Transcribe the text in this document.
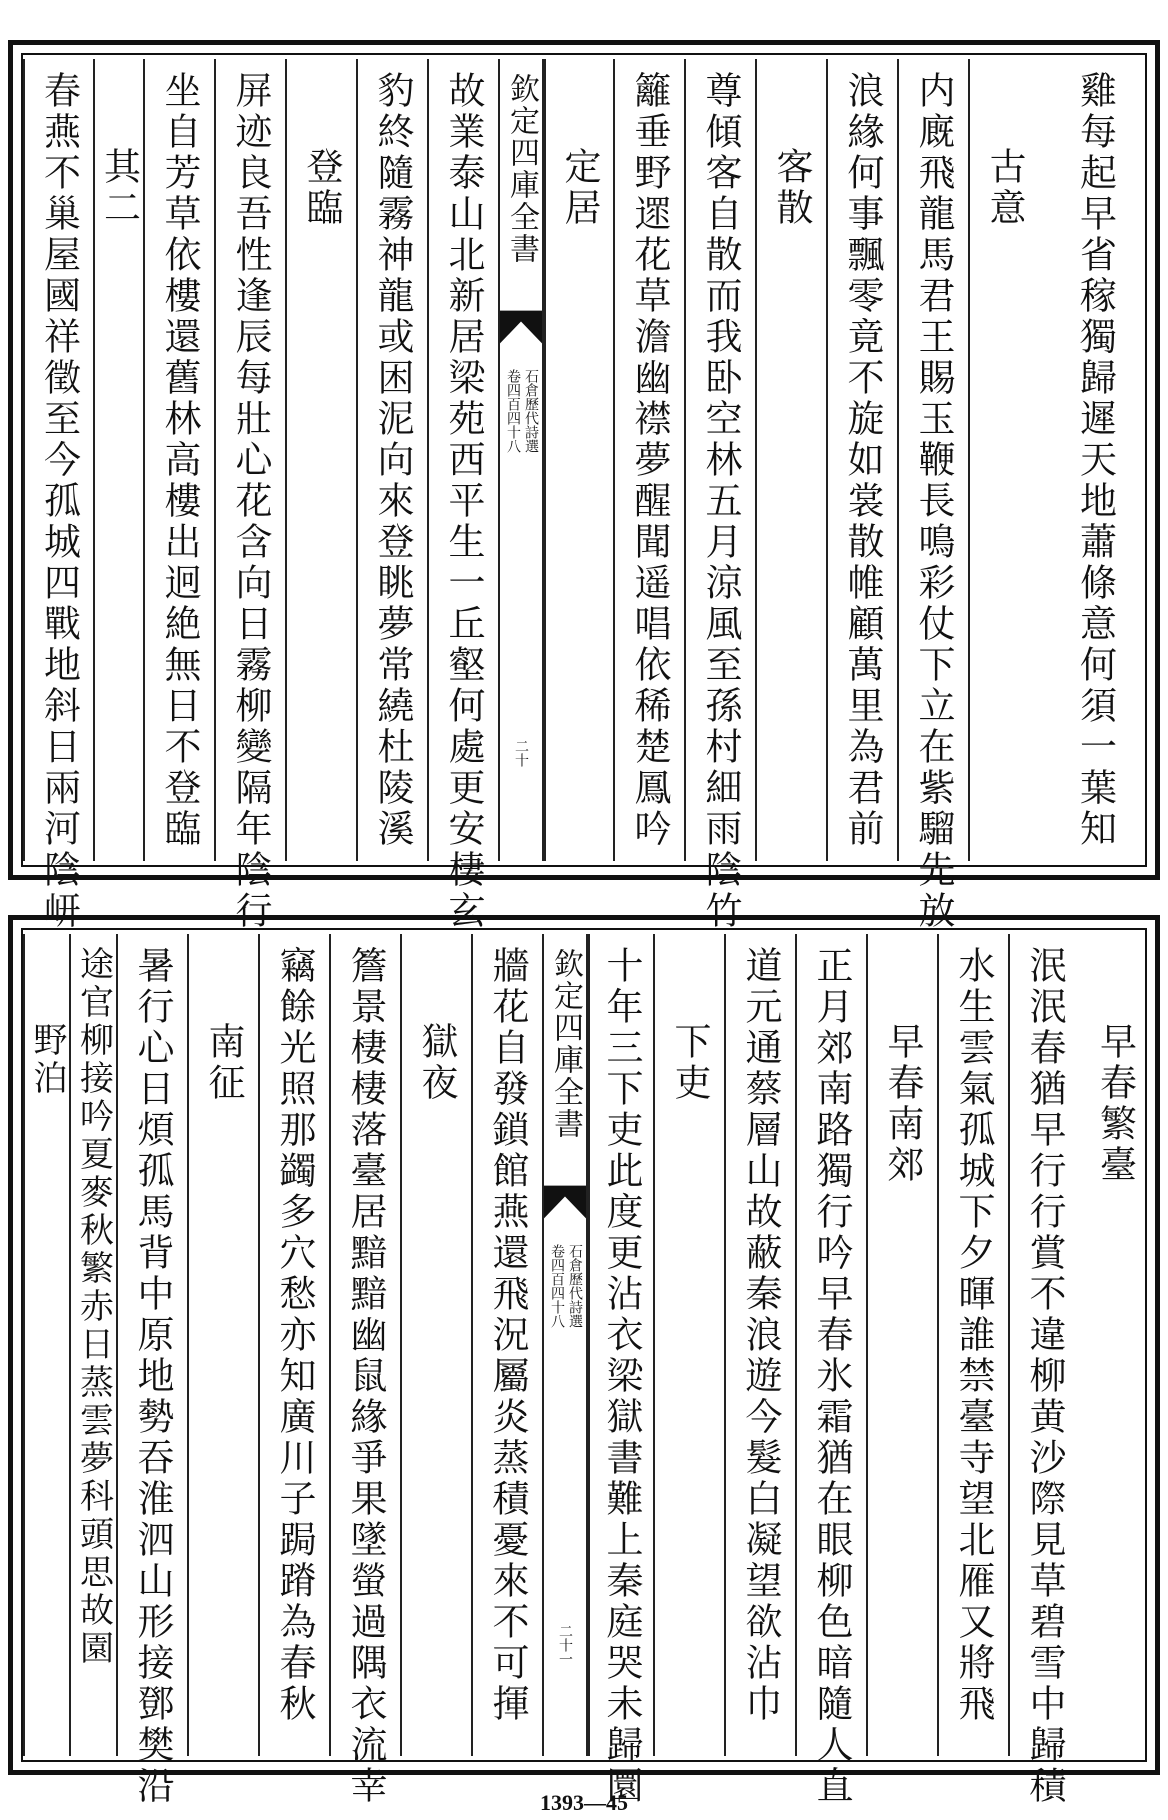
雞每起早省稼獨歸遲天地蕭條意何須一葉知
古意
内廐飛龍馬君王賜玉鞭長鳴彩仗下立在紫騮先放
浪緣何事飄零竟不旋如裳散帷顧萬里為君前
客散
尊傾客自散而我卧空林五月涼風至孫村細雨陰竹
籬垂野遝花草澹幽襟夢醒聞遥唱依稀楚鳳吟
定居
欽定四庫全書
石倉歷代詩選
卷四百四十八
二十
故業泰山北新居梁苑西平生一丘壑何處更安棲玄
豹終隨霧神龍或困泥向來登眺夢常繞杜陵溪
登臨
屏迹良吾性逢辰每壯心花含向日霧柳變隔年陰行
坐自芳草依樓還舊林高樓出迥絶無日不登臨
其二
春燕不巢屋國祥徵至今孤城四戰地斜日兩河陰岍
早春繁臺
泯泯春猶早行行賞不違柳黄沙際見草碧雪中歸積
水生雲氣孤城下夕暉誰禁臺寺望北雁又將飛
早春南郊
正月郊南路獨行吟早春氷霜猶在眼柳色暗隨人直
道元通蔡層山故蔽秦浪遊今髮白凝望欲沾巾
下吏
十年三下吏此度更沾衣梁獄書難上秦庭哭未歸圜
欽定四庫全書
石倉歷代詩選
卷四百四十八
二十一
牆花自發鎖館燕還飛況屬炎蒸積憂來不可揮
獄夜
簷景棲棲落臺居黯黯幽鼠緣爭果墜螢過隅衣流幸
竊餘光照那蠲多穴愁亦知廣川子跼蹐為春秋
南征
暑行心日煩孤馬背中原地勢吞淮泗山形接鄧樊沿
途官柳接吟夏麥秋繁赤日蒸雲夢科頭思故園
野泊
1393—45
